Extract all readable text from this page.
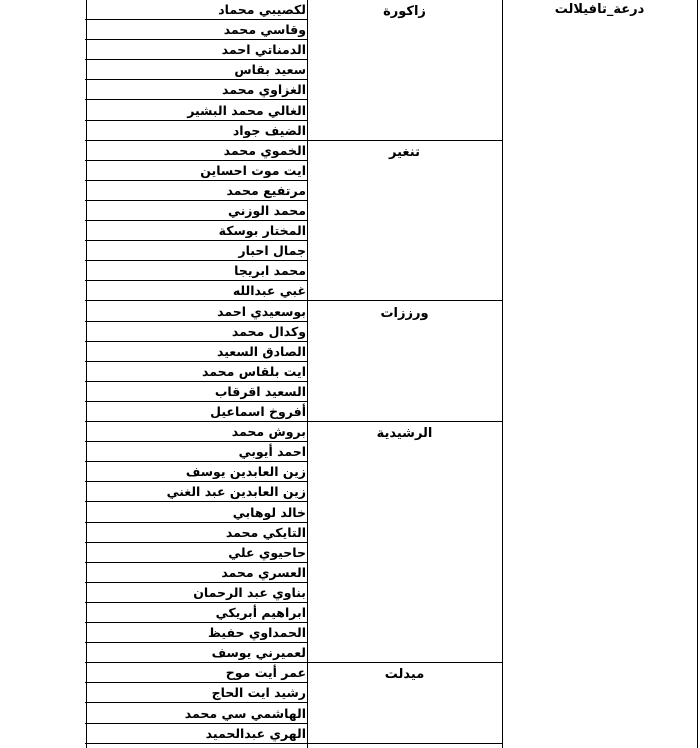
درعة_تافيلالت
زاكورة
تنغير
ورززات
الرشيدية
ميدلت
لكصيبي محماد
وقاسي محمد
الدمناتي احمد
سعيد بقاس
الغزاوي محمد
الغالي محمد البشير
الضيف جواد
الخموي محمد
ايت موت احساين
مرتفيع محمد
محمد الوزني
المختار بوسكة
جمال احبار
محمد ابريجا
غبي عبدالله
بوسعيدي احمد
وكدال محمد
الصادق السعيد
ايت بلقاس محمد
السعيد اقرقاب
أفروخ اسماعيل
بروش محمد
احمد أيوبي
زين العابدين يوسف
زين العابدين عبد الغني
خالد لوهابي
التايكي محمد
حاحيوي علي
العسري محمد
بناوي عبد الرحمان
ابراهيم أبريكي
الحمداوي حفيظ
لعميرني يوسف
عمر أيت موح
رشيد ايت الحاج
الهاشمي سي محمد
الهري عبدالحميد
